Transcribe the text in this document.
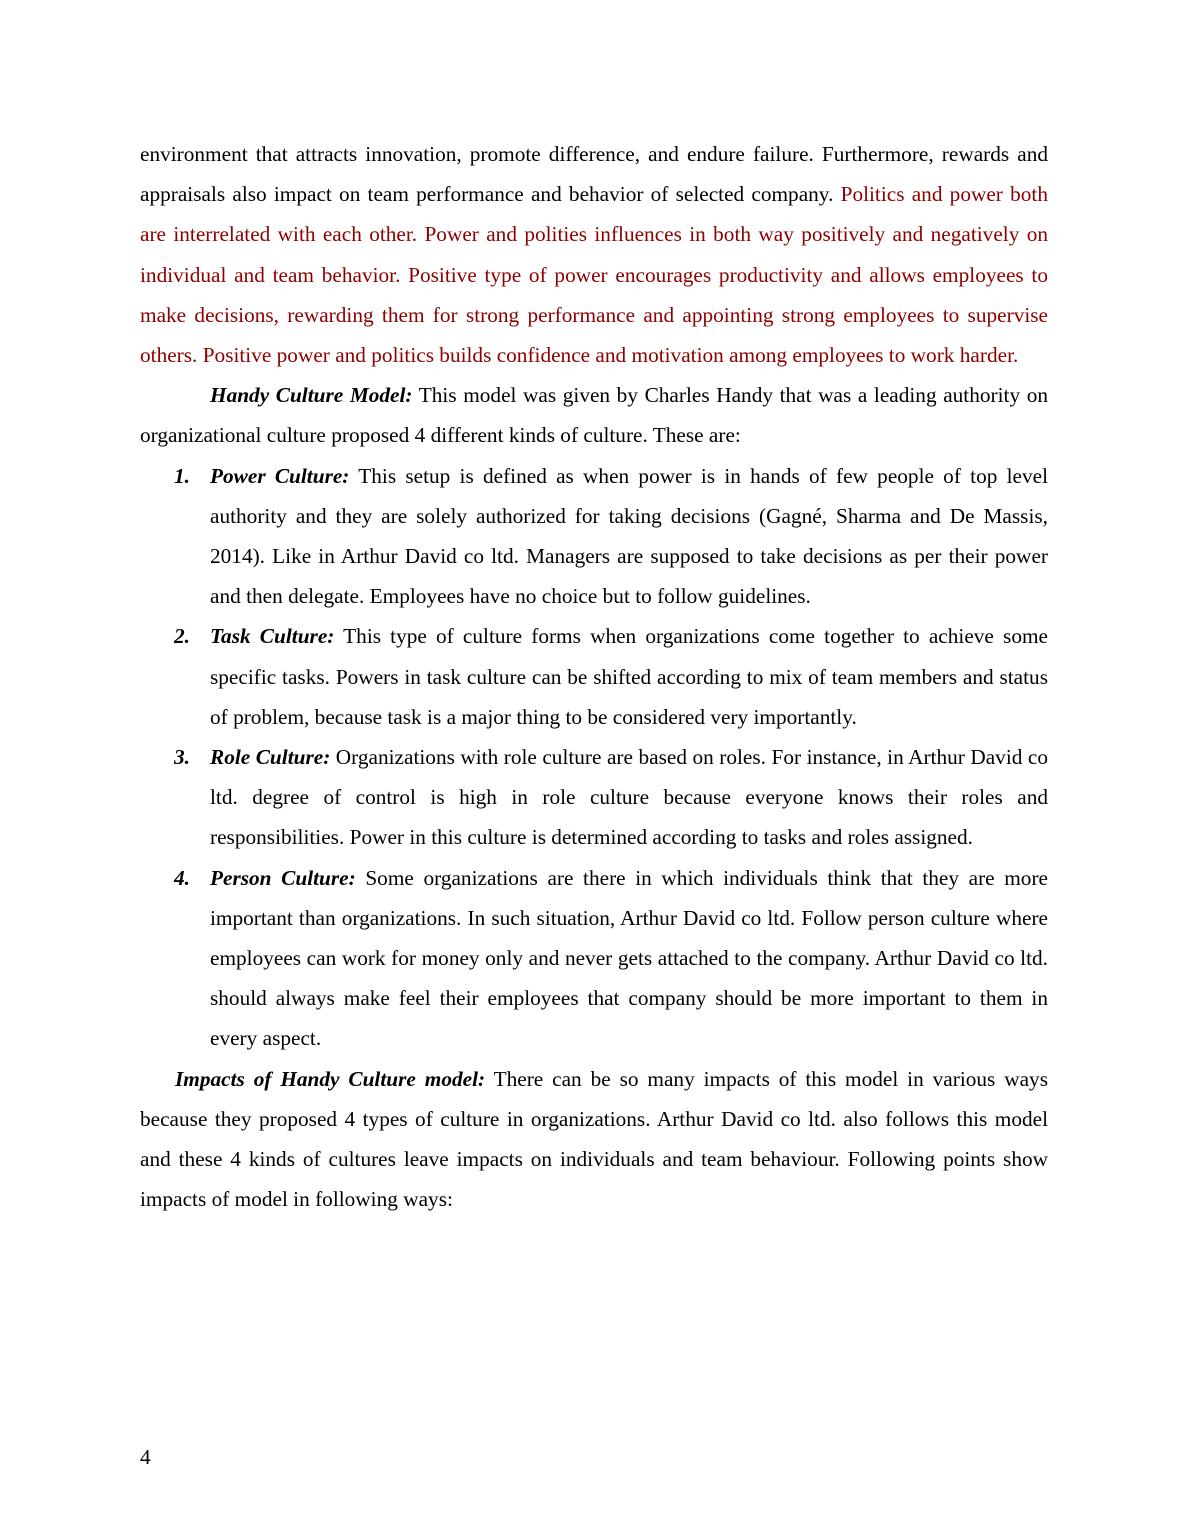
environment that attracts innovation, promote difference, and endure failure. Furthermore, rewards and appraisals also impact on team performance and behavior of selected company. Politics and power both are interrelated with each other. Power and polities influences in both way positively and negatively on individual and team behavior. Positive type of power encourages productivity and allows employees to make decisions, rewarding them for strong performance and appointing strong employees to supervise others. Positive power and politics builds confidence and motivation among employees to work harder.

Handy Culture Model: This model was given by Charles Handy that was a leading authority on organizational culture proposed 4 different kinds of culture. These are:

1. Power Culture: This setup is defined as when power is in hands of few people of top level authority and they are solely authorized for taking decisions (Gagné, Sharma and De Massis, 2014). Like in Arthur David co ltd. Managers are supposed to take decisions as per their power and then delegate. Employees have no choice but to follow guidelines.
2. Task Culture: This type of culture forms when organizations come together to achieve some specific tasks. Powers in task culture can be shifted according to mix of team members and status of problem, because task is a major thing to be considered very importantly.
3. Role Culture: Organizations with role culture are based on roles. For instance, in Arthur David co ltd. degree of control is high in role culture because everyone knows their roles and responsibilities. Power in this culture is determined according to tasks and roles assigned.
4. Person Culture: Some organizations are there in which individuals think that they are more important than organizations. In such situation, Arthur David co ltd. Follow person culture where employees can work for money only and never gets attached to the company. Arthur David co ltd. should always make feel their employees that company should be more important to them in every aspect.

Impacts of Handy Culture model: There can be so many impacts of this model in various ways because they proposed 4 types of culture in organizations. Arthur David co ltd. also follows this model and these 4 kinds of cultures leave impacts on individuals and team behaviour. Following points show impacts of model in following ways:

4
